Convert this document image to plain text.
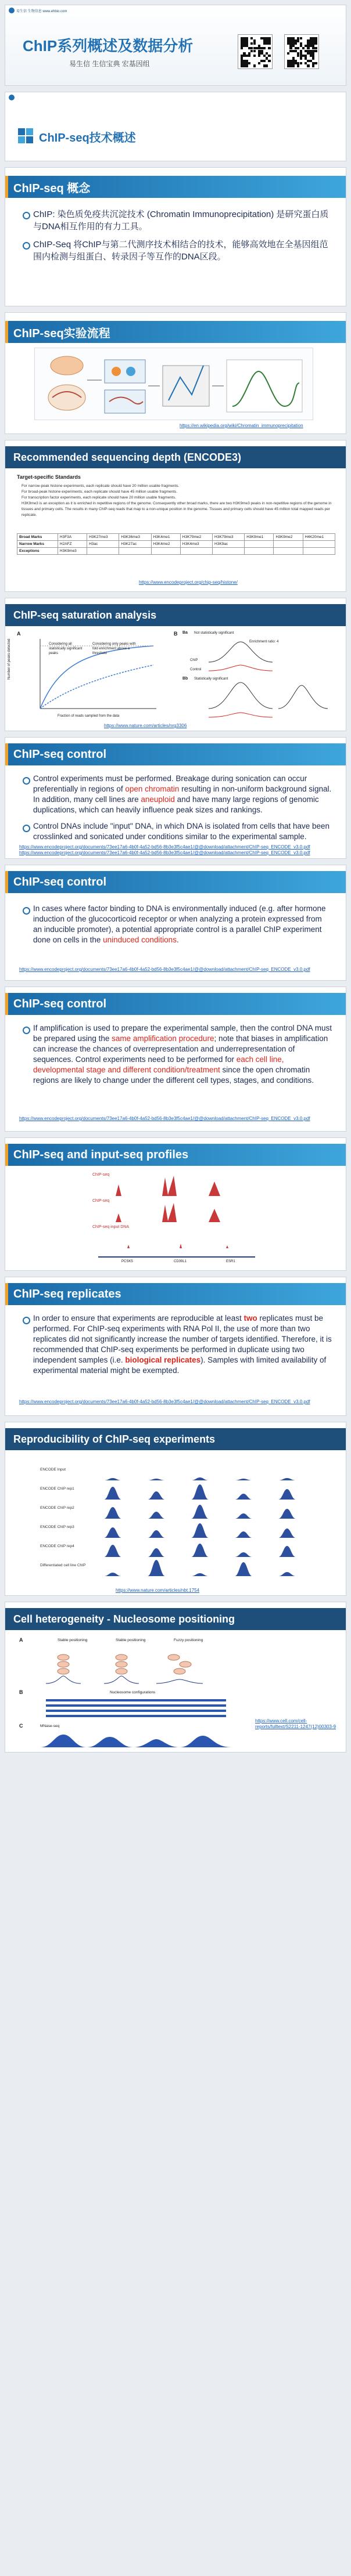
易生信 生物信息 www.ehbio.com
ChIP系列概述及数据分析
易生信 生信宝典 宏基因组
ChIP-seq技术概述
ChIP-seq 概念
ChIP: 染色质免疫共沉淀技术 (Chromatin Immunoprecipitation) 是研究蛋白质与DNA相互作用的有力工具。
ChIP-Seq 将ChIP与第二代测序技术相结合的技术，能够高效地在全基因组范围内检测与组蛋白、转录因子等互作的DNA区段。
ChIP-seq实验流程
https://en.wikipedia.org/wiki/Chromatin_immunoprecipitation
Recommended sequencing depth (ENCODE3)
Target-specific Standards
For narrow-peak histone experiments, each replicate should have 20 million usable fragments.
For broad-peak histone experiments, each replicate should have 45 million usable fragments.
For transcription factor experiments, each replicate should have 20 million usable fragments.
H3K9me3 is an exception as it is enriched in repetitive regions of the genome. Consequently other broad marks, there are two H3K9me3 peaks in non-repetitive regions of the genome in tissues and primary cells. The results in many ChIP-seq reads that map to a non-unique position in the genome. Tissues and primary cells should have 45 million total mapped reads per replicate.
Broad Marks	H3F3A	H3K27me3	H3K36me3	H3K4me1	H3K79me2	H3K79me3	H3K9me1	H3K9me2	H4K20me1
Narrow Marks	H2AFZ	H3ac	H3K27ac	H3K4me2	H3K4me3	H3K9ac			
Exceptions	H3K9me3								
https://www.encodeproject.org/chip-seq/histone/
ChIP-seq saturation analysis
A
Considering all statistically significant peaks
Considering only peaks with fold enrichment above a threshold
Number of peaks detected
Fraction of reads sampled from the data
B Ba Not statistically significant
Bb Statistically significant
Enrichment ratio: 4
ChIP
Control
https://www.nature.com/articles/nrg3306
ChIP-seq control
Control experiments must be performed. Breakage during sonication can occur preferentially in regions of open chromatin resulting in non-uniform background signal. In addition, many cell lines are aneuploid and have many large regions of genomic duplications, which can heavily influence peak sizes and rankings.
Control DNAs include "input" DNA, in which DNA is isolated from cells that have been crosslinked and sonicated under conditions similar to the experimental sample.
https://www.encodeproject.org/documents/73ee17a6-4b0f-4a52-bd56-8b3e3f5c4ae1/@@download/attachment/ChIP-seq_ENCODE_v3.0.pdf
https://www.encodeproject.org/documents/73ee17a6-4b0f-4a52-bd56-8b3e3f5c4ae1/@@download/attachment/ChIP-seq_ENCODE_v3.0.pdf
ChIP-seq control
In cases where factor binding to DNA is environmentally induced (e.g. after hormone induction of the glucocorticoid receptor or when analyzing a protein expressed from an inducible promoter), a potential appropriate control is a parallel ChIP experiment done on cells in the uninduced conditions.
https://www.encodeproject.org/documents/73ee17a6-4b0f-4a52-bd56-8b3e3f5c4ae1/@@download/attachment/ChIP-seq_ENCODE_v3.0.pdf
ChIP-seq control
If amplification is used to prepare the experimental sample, then the control DNA must be prepared using the same amplification procedure; note that biases in amplification can increase the chances of overrepresentation and underrepresentation of sequences. Control experiments need to be performed for each cell line, developmental stage and different condition/treatment since the open chromatin regions are likely to change under the different cell types, stages, and conditions.
https://www.encodeproject.org/documents/73ee17a6-4b0f-4a52-bd56-8b3e3f5c4ae1/@@download/attachment/ChIP-seq_ENCODE_v3.0.pdf
ChIP-seq and input-seq profiles
ChIP-seq
ChIP-seq
ChIP-seq input DNA
PCSK5	CD39L1	ESR1
ChIP-seq replicates
In order to ensure that experiments are reproducible at least two replicates must be performed. For ChIP-seq experiments with RNA Pol II, the use of more than two replicates did not significantly increase the number of targets identified. Therefore, it is recommended that ChIP-seq experiments be performed in duplicate using two independent samples (i.e. biological replicates). Samples with limited availability of experimental material might be exempted.
https://www.encodeproject.org/documents/73ee17a6-4b0f-4a52-bd56-8b3e3f5c4ae1/@@download/attachment/ChIP-seq_ENCODE_v3.0.pdf
Reproducibility of ChIP-seq experiments
ENCODE Input
ENCODE ChIP rep1
ENCODE ChIP rep2
ENCODE ChIP rep3
ENCODE ChIP rep4
Differentiated cell line ChIP
https://www.nature.com/articles/nbt.1754
Cell heterogeneity - Nucleosome positioning
A	Stable positioning	Stable positioning	Fuzzy positioning
B	Nucleosome configurations
C	MNase-seq
https://www.cell.com/cell-reports/fulltext/S2211-1247(12)00303-9
